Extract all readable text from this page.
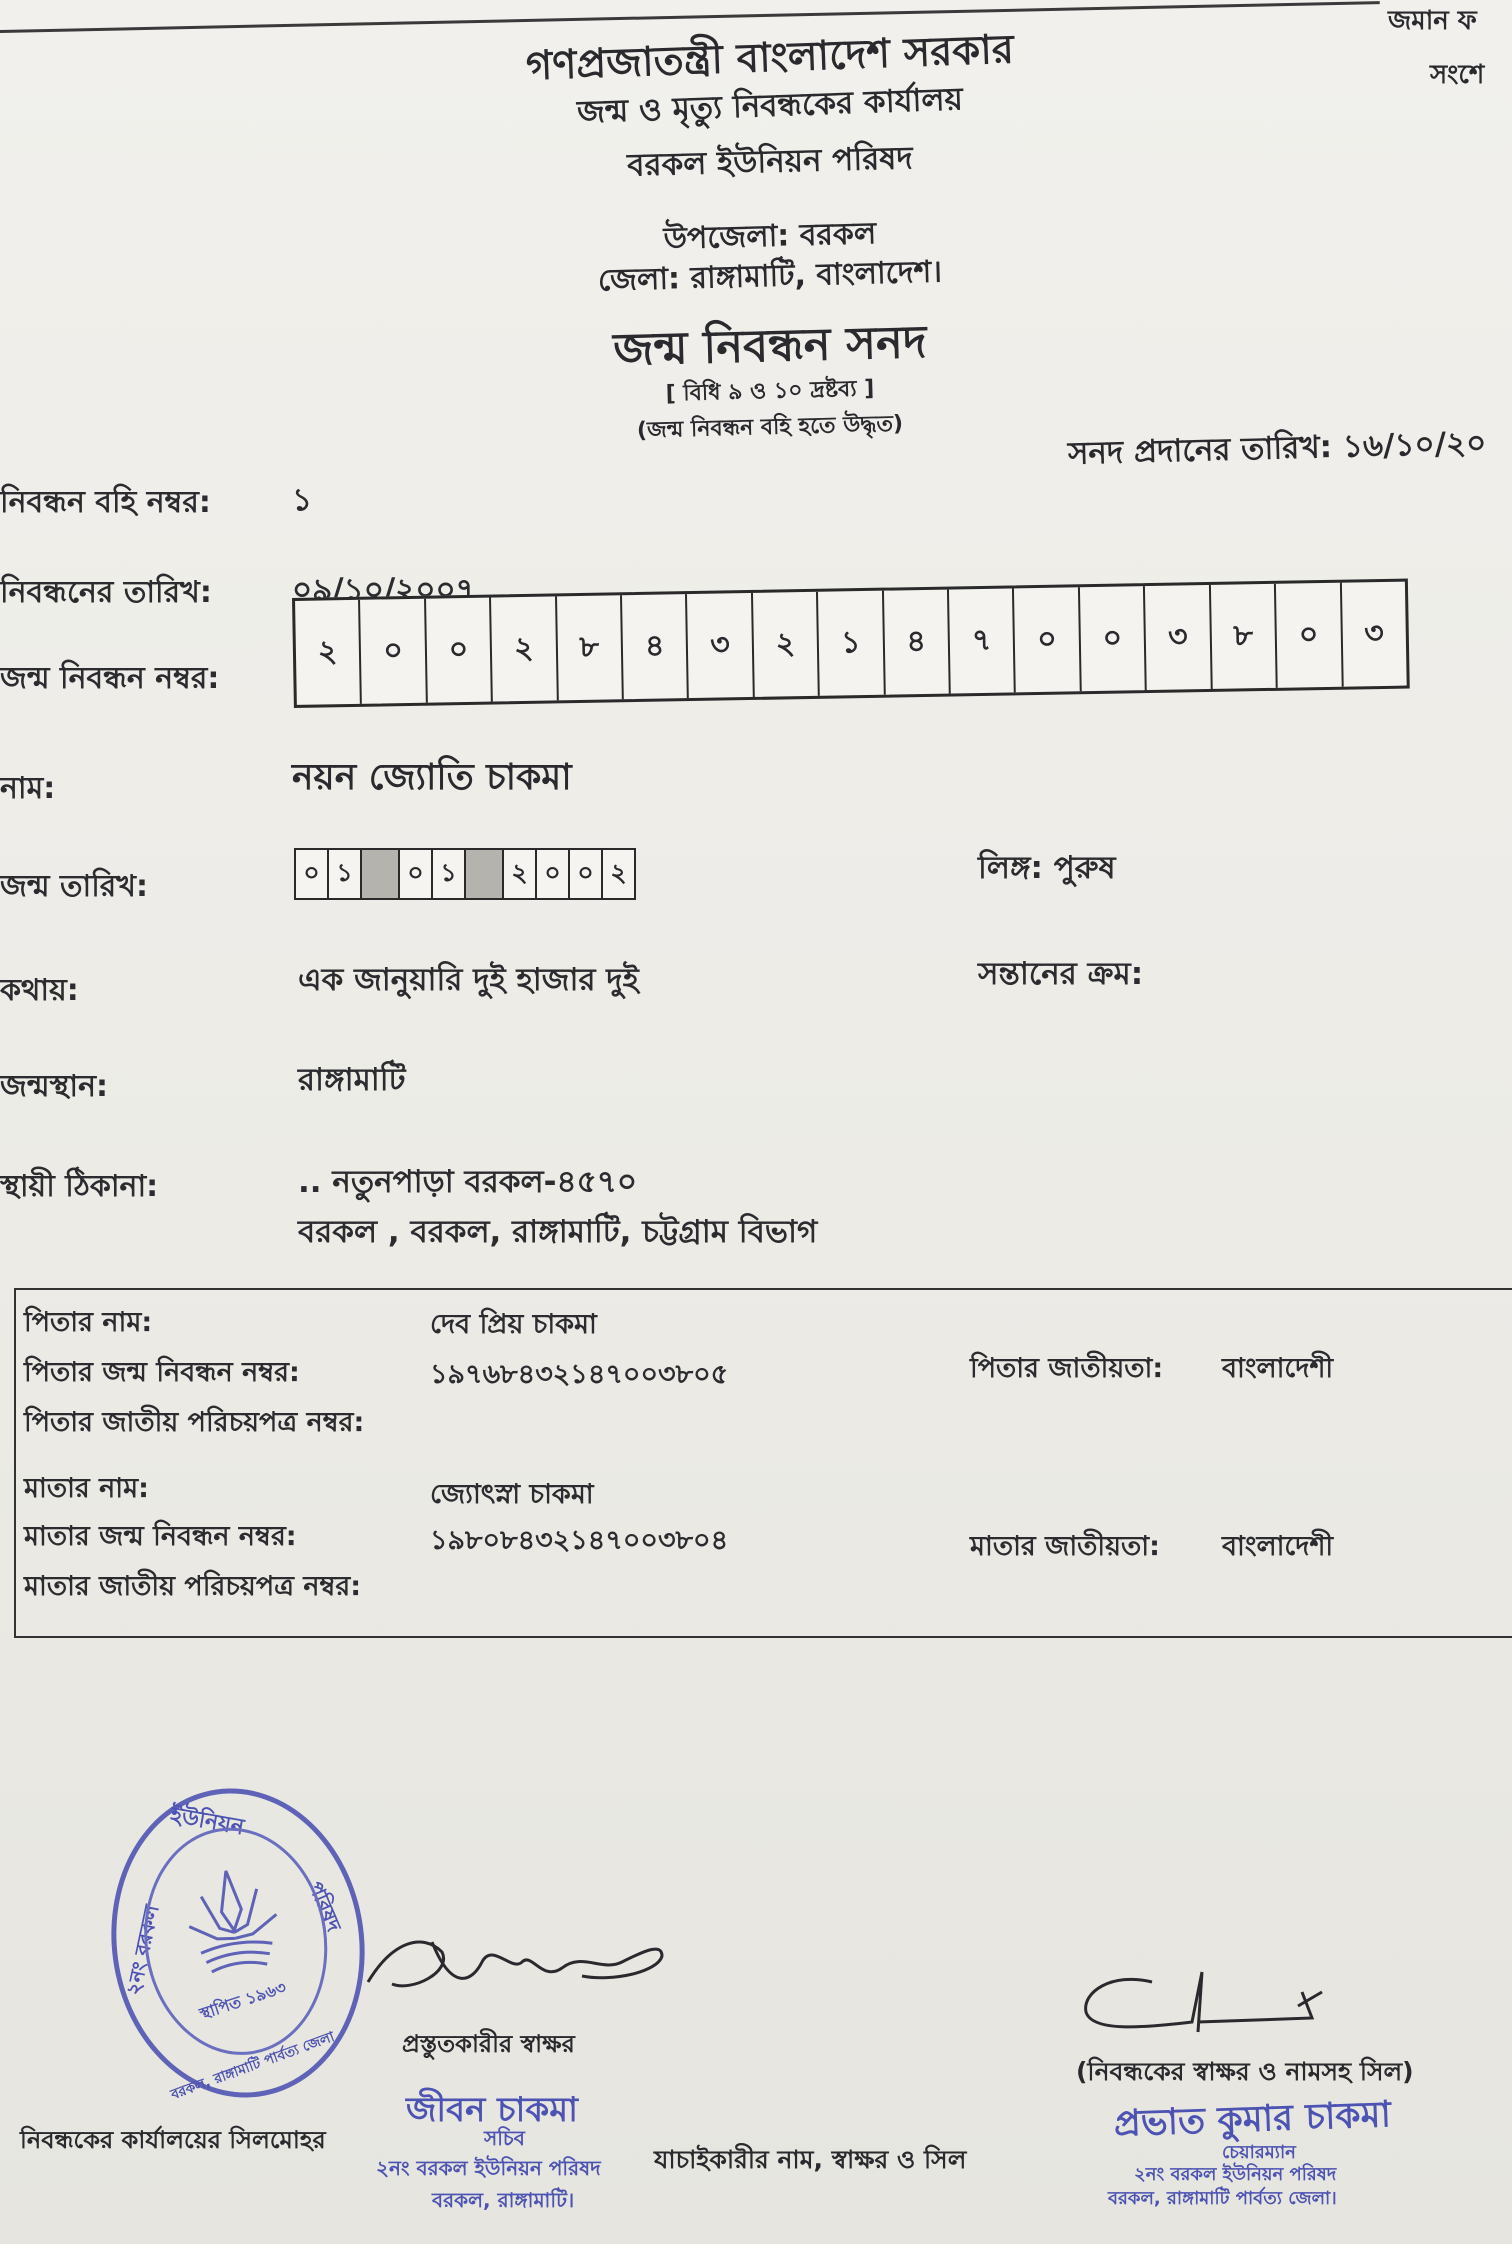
জমান ফ
সংশে
গণপ্রজাতন্ত্রী বাংলাদেশ সরকার
জন্ম ও মৃত্যু নিবন্ধকের কার্যালয়
বরকল ইউনিয়ন পরিষদ
উপজেলা: বরকল
জেলা: রাঙ্গামাটি, বাংলাদেশ।
জন্ম নিবন্ধন সনদ
[ বিধি ৯ ও ১০ দ্রষ্টব্য ]
(জন্ম নিবন্ধন বহি হতে উদ্ধৃত)	সনদ প্রদানের তারিখ: ১৬/১০/২০
নিবন্ধন বহি নম্বর:	১
নিবন্ধনের তারিখ:	০৯/১০/২০০৭
জন্ম নিবন্ধন নম্বর:
২	০	০	২	৮	৪	৩	২	১	৪	৭	০	০	৩	৮	০	৩
নাম:	নয়ন জ্যোতি চাকমা
জন্ম তারিখ:	০ ১	০ ১	২ ০ ০ ২	লিঙ্গ: পুরুষ
কথায়:	এক জানুয়ারি দুই হাজার দুই	সন্তানের ক্রম:
জন্মস্থান:	রাঙ্গামাটি
স্থায়ী ঠিকানা:	.. নতুনপাড়া বরকল-৪৫৭০
বরকল , বরকল, রাঙ্গামাটি, চট্টগ্রাম বিভাগ
পিতার নাম:	দেব প্রিয় চাকমা
পিতার জন্ম নিবন্ধন নম্বর:	১৯৭৬৮৪৩২১৪৭০০৩৮০৫	পিতার জাতীয়তা: বাংলাদেশী
পিতার জাতীয় পরিচয়পত্র নম্বর:
মাতার নাম:	জ্যোৎস্না চাকমা
মাতার জন্ম নিবন্ধন নম্বর:	১৯৮০৮৪৩২১৪৭০০৩৮০৪	মাতার জাতীয়তা: বাংলাদেশী
মাতার জাতীয় পরিচয়পত্র নম্বর:
ইউনিয়ন
২নং বরকল	পরিষদ
বরকল, রাঙ্গামাটি পার্বত্য জেলা
স্থাপিত ১৯৬৩
নিবন্ধকের কার্যালয়ের সিলমোহর
প্রস্তুতকারীর স্বাক্ষর
জীবন চাকমা
সচিব
২নং বরকল ইউনিয়ন পরিষদ
বরকল, রাঙ্গামাটি।
যাচাইকারীর নাম, স্বাক্ষর ও সিল
(নিবন্ধকের স্বাক্ষর ও নামসহ সিল)
প্রভাত কুমার চাকমা
চেয়ারম্যান
২নং বরকল ইউনিয়ন পরিষদ
বরকল, রাঙ্গামাটি পার্বত্য জেলা।
